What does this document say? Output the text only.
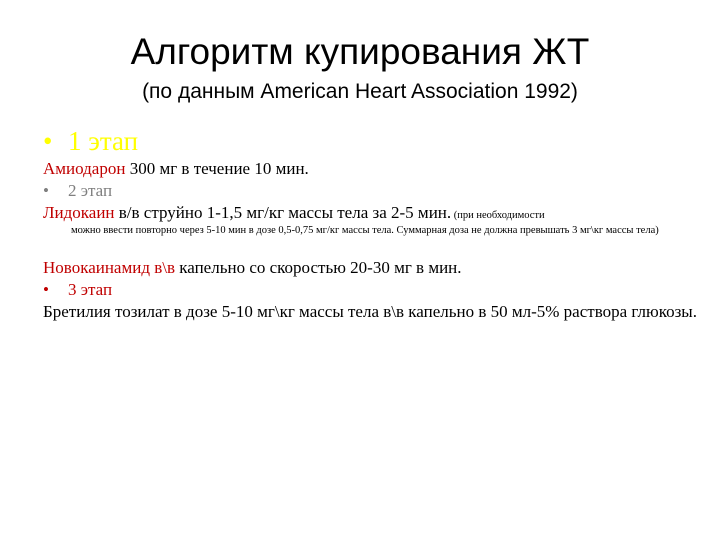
Алгоритм купирования ЖТ
(по данным American Heart Association 1992)
• 1 этап
Амиодарон 300 мг в течение 10 мин.
• 2 этап
Лидокаин в/в струйно 1-1,5 мг/кг массы тела за 2-5 мин. (при необходимости
можно ввести повторно через 5-10 мин в дозе 0,5-0,75 мг/кг массы тела. Суммарная доза не должна превышать 3 мг\кг массы тела)
Новокаинамид в\в капельно со скоростью 20-30 мг в мин.
• 3 этап
Бретилия тозилат в дозе 5-10 мг\кг массы тела в\в капельно в 50 мл-5% раствора глюкозы.
